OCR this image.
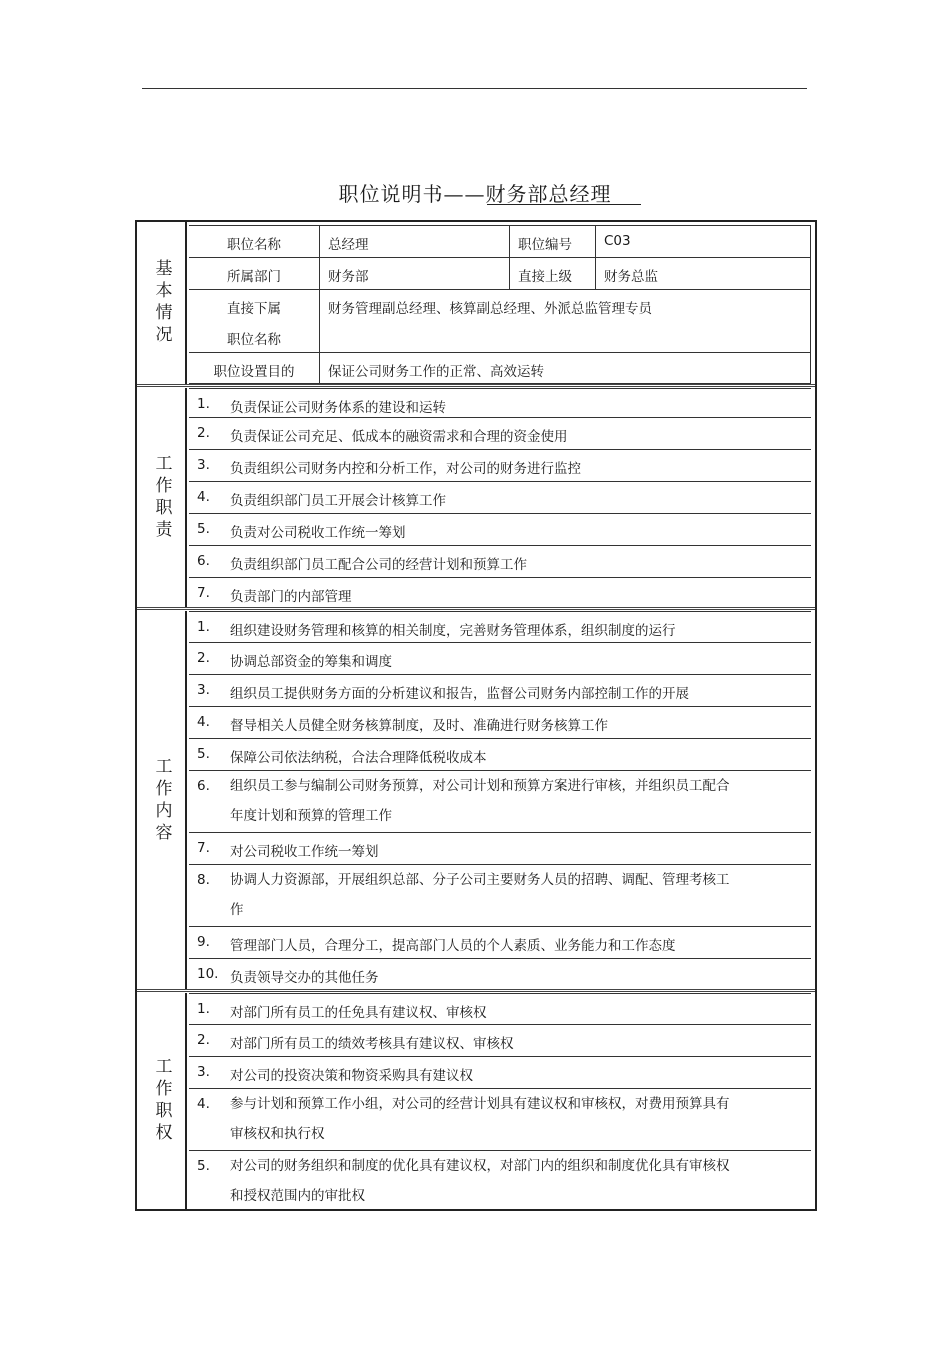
职位说明书——财务部总经理
基本情况
职位名称	总经理	职位编号 C03
所属部门	财务部	直接上级 财务总监
直接下属
职位名称
财务管理副总经理、核算副总经理、外派总监管理专员
职位设置目的	保证公司财务工作的正常、高效运转
工作职责
1. 负责保证公司财务体系的建设和运转
2. 负责保证公司充足、低成本的融资需求和合理的资金使用
3. 负责组织公司财务内控和分析工作，对公司的财务进行监控
4. 负责组织部门员工开展会计核算工作
5. 负责对公司税收工作统一筹划
6. 负责组织部门员工配合公司的经营计划和预算工作
7. 负责部门的内部管理
工作内容
1. 组织建设财务管理和核算的相关制度，完善财务管理体系，组织制度的运行
2. 协调总部资金的筹集和调度
3. 组织员工提供财务方面的分析建议和报告，监督公司财务内部控制工作的开展
4. 督导相关人员健全财务核算制度，及时、准确进行财务核算工作
5. 保障公司依法纳税，合法合理降低税收成本
6. 组织员工参与编制公司财务预算，对公司计划和预算方案进行审核，并组织员工配合年度计划和预算的管理工作
7. 对公司税收工作统一筹划
8. 协调人力资源部，开展组织总部、分子公司主要财务人员的招聘、调配、管理考核工作
9. 管理部门人员，合理分工，提高部门人员的个人素质、业务能力和工作态度
10. 负责领导交办的其他任务
工作职权
1. 对部门所有员工的任免具有建议权、审核权
2. 对部门所有员工的绩效考核具有建议权、审核权
3. 对公司的投资决策和物资采购具有建议权
4. 参与计划和预算工作小组，对公司的经营计划具有建议权和审核权，对费用预算具有审核权和执行权
5. 对公司的财务组织和制度的优化具有建议权，对部门内的组织和制度优化具有审核权和授权范围内的审批权
